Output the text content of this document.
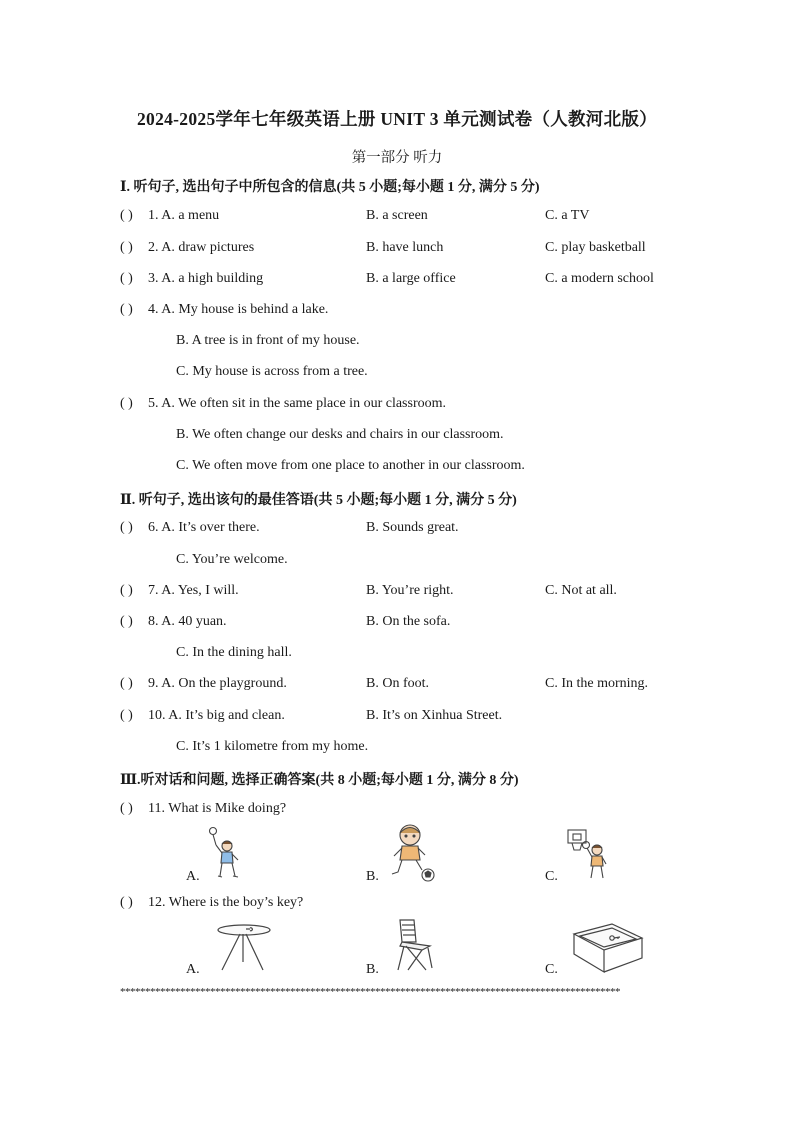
2024-2025学年七年级英语上册 UNIT 3 单元测试卷（人教河北版）
第一部分 听力
Ⅰ. 听句子, 选出句子中所包含的信息(共 5 小题;每小题 1 分, 满分 5 分)
( ) 1. A. a menu	B. a screen	C. a TV
( ) 2. A. draw pictures	B. have lunch	C. play basketball
( ) 3. A. a high building	B. a large office	C. a modern school
( ) 4. A. My house is behind a lake.
B. A tree is in front of my house.
C. My house is across from a tree.
( ) 5. A. We often sit in the same place in our classroom.
B. We often change our desks and chairs in our classroom.
C. We often move from one place to another in our classroom.
Ⅱ. 听句子, 选出该句的最佳答语(共 5 小题;每小题 1 分, 满分 5 分)
( ) 6. A. It’s over there.	B. Sounds great.
C. You’re welcome.
( ) 7. A. Yes, I will.	B. You’re right.	C. Not at all.
( ) 8. A. 40 yuan.	B. On the sofa.
C. In the dining hall.
( ) 9. A. On the playground.	B. On foot.	C. In the morning.
( ) 10. A. It’s big and clean.	B. It’s on Xinhua Street.
C. It’s 1 kilometre from my home.
Ⅲ.听对话和问题, 选择正确答案(共 8 小题;每小题 1 分, 满分 8 分)
( ) 11. What is Mike doing?
A.	B.	C.
( ) 12. Where is the boy’s key?
A.	B.	C.
****************************************************************************************************
